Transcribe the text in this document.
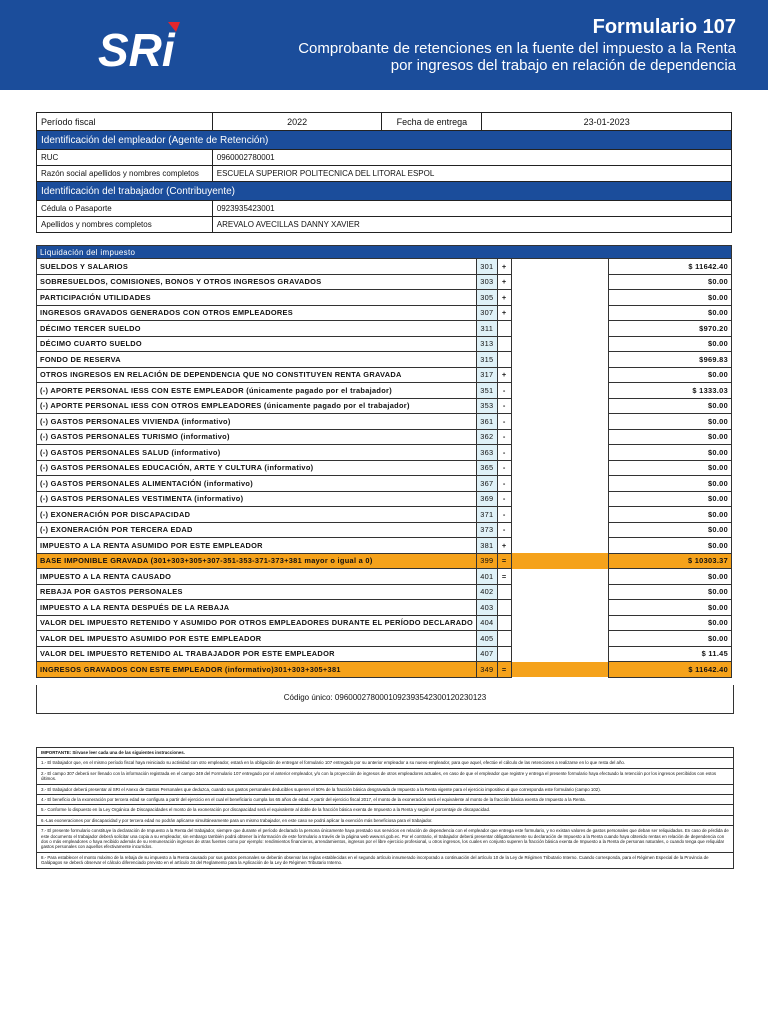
SRi	Formulario 107
Comprobante de retenciones en la fuente del impuesto a la Renta
por ingresos del trabajo en relación de dependencia
Período fiscal	2022	Fecha de entrega	23-01-2023
Identificación del empleador (Agente de Retención)			
RUC	0960002780001		
Razón social apellidos y nombres completos	ESCUELA SUPERIOR POLITECNICA DEL LITORAL ESPOL		
Identificación del trabajador (Contribuyente)			
Cédula o Pasaporte	0923935423001		
Apellidos y nombres completos	AREVALO AVECILLAS DANNY XAVIER		
Liquidación del impuesto				
SUELDOS Y SALARIOS	301	+		$ 11642.40
SOBRESUELDOS, COMISIONES, BONOS Y OTROS INGRESOS GRAVADOS	303	+		$0.00
PARTICIPACIÓN UTILIDADES	305	+		$0.00
INGRESOS GRAVADOS GENERADOS CON OTROS EMPLEADORES	307	+		$0.00
DÉCIMO TERCER SUELDO	311			$970.20
DÉCIMO CUARTO SUELDO	313			$0.00
FONDO DE RESERVA	315			$969.83
OTROS INGRESOS EN RELACIÓN DE DEPENDENCIA QUE NO CONSTITUYEN RENTA GRAVADA	317	+		$0.00
(-) APORTE PERSONAL IESS CON ESTE EMPLEADOR (únicamente pagado por el trabajador)	351	-		$ 1333.03
(-) APORTE PERSONAL IESS CON OTROS EMPLEADORES (únicamente pagado por el trabajador)	353	-		$0.00
(-) GASTOS PERSONALES VIVIENDA (informativo)	361	-		$0.00
(-) GASTOS PERSONALES TURISMO (informativo)	362	-		$0.00
(-) GASTOS PERSONALES SALUD (informativo)	363	-		$0.00
(-) GASTOS PERSONALES EDUCACIÓN, ARTE Y CULTURA (informativo)	365	-		$0.00
(-) GASTOS PERSONALES ALIMENTACIÓN (informativo)	367	-		$0.00
(-) GASTOS PERSONALES VESTIMENTA (informativo)	369	-		$0.00
(-) EXONERACIÓN POR DISCAPACIDAD	371	-		$0.00
(-) EXONERACIÓN POR TERCERA EDAD	373	-		$0.00
IMPUESTO A LA RENTA ASUMIDO POR ESTE EMPLEADOR	381	+		$0.00
BASE IMPONIBLE GRAVADA (301+303+305+307-351-353-371-373+381 mayor o igual a 0)	399	=		$ 10303.37
IMPUESTO A LA RENTA CAUSADO	401	=		$0.00
REBAJA POR GASTOS PERSONALES	402			$0.00
IMPUESTO A LA RENTA DESPUÉS DE LA REBAJA	403			$0.00
VALOR DEL IMPUESTO RETENIDO Y ASUMIDO POR OTROS EMPLEADORES DURANTE EL PERÍODO DECLARADO	404			$0.00
VALOR DEL IMPUESTO ASUMIDO POR ESTE EMPLEADOR	405			$0.00
VALOR DEL IMPUESTO RETENIDO AL TRABAJADOR POR ESTE EMPLEADOR	407			$ 11.45
INGRESOS GRAVADOS CON ESTE EMPLEADOR (informativo)301+303+305+381	349	=		$ 11642.40
Código único: 0960002780001092393542300120230123
IMPORTANTE: Sírvase leer cada una de las siguientes instrucciones.
1.- El trabajador que, en el mismo período fiscal haya reiniciado su actividad con otro empleador, estará en la obligación de entregar el formulario 107 entregado por su anterior empleador a su nuevo empleador, para que aquel, efectúe el cálculo de las retenciones a realizarse en lo que resta del año.
2.- El campo 307 deberá ser llenado con la información registrada en el campo 349 del Formulario 107 entregado por el anterior empleador, y/o con la proyección de ingresos de otros empleadores actuales, en caso de que el empleador que registre y entrega el presente formulario haya efectuado la retención por los ingresos percibidos con estos últimos.
3.- El trabajador deberá presentar al SRI el Anexo de Gastos Personales que deduzca, cuando sus gastos personales deducibles superen el 50% de la fracción básica desgravada de Impuesto a la Renta vigente para el ejercicio impositivo al que corresponda este formulario (campo 102).
4.- El beneficio de la exoneración por tercera edad se configura a partir del ejercicio en el cual el beneficiario cumpla los 65 años de edad. A partir del ejercicio fiscal 2017, el monto de la exoneración será el equivalente al monto de la fracción básica exenta de Impuesto a la Renta.
5.- Conforme lo dispuesto en la Ley Orgánica de Discapacidades el monto de la exoneración por discapacidad será el equivalente al doble de la fracción básica exenta de Impuesto a la Renta y según el porcentaje de discapacidad.
6.-Las exoneraciones por discapacidad y por tercera edad no podrán aplicarse simultáneamente para un mismo trabajador, en este caso se podrá aplicar la exención más beneficiosa para el trabajador.
7.- El presente formulario constituye la declaración de Impuesto a la Renta del trabajador, siempre que durante el período declarado la persona únicamente haya prestado sus servicios en relación de dependencia con el empleador que entrega este formulario, y no existan valores de gastos personales que deban ser reliquidados. En caso de pérdida de este documento el trabajador deberá solicitar una copia a su empleador, sin embargo también podrá obtener la información de este formulario a través de la página web www.sri.gob.ec. Por el contrario, el trabajador deberá presentar obligatoriamente su declaración de Impuesto a la Renta cuando haya obtenido rentas en relación de dependencia con dos o más empleadores o haya recibido además de su remuneración ingresos de otras fuentes como por ejemplo: rendimientos financieros, arrendamientos, ingresos por el libre ejercicio profesional, u otros ingresos, los cuales en conjunto superen la fracción básica exenta de Impuesto a la Renta de personas naturales, o cuando tenga que reliquidar gastos personales con aquellos efectivamente incurridos.
8.- Para establecer el monto máximo de la rebaja de su impuesto a la Renta causado por sus gastos personales se deberán observar las reglas establecidas en el segundo artículo innumerado incorporado a continuación del artículo 10 de la Ley de Régimen Tributario Interno. Cuando corresponda, para el Régimen Especial de la Provincia de Galápagos se deberá observar el cálculo diferenciado previsto en el artículo 34 del Reglamento para la Aplicación de la Ley de Régimen Tributario Interno.
